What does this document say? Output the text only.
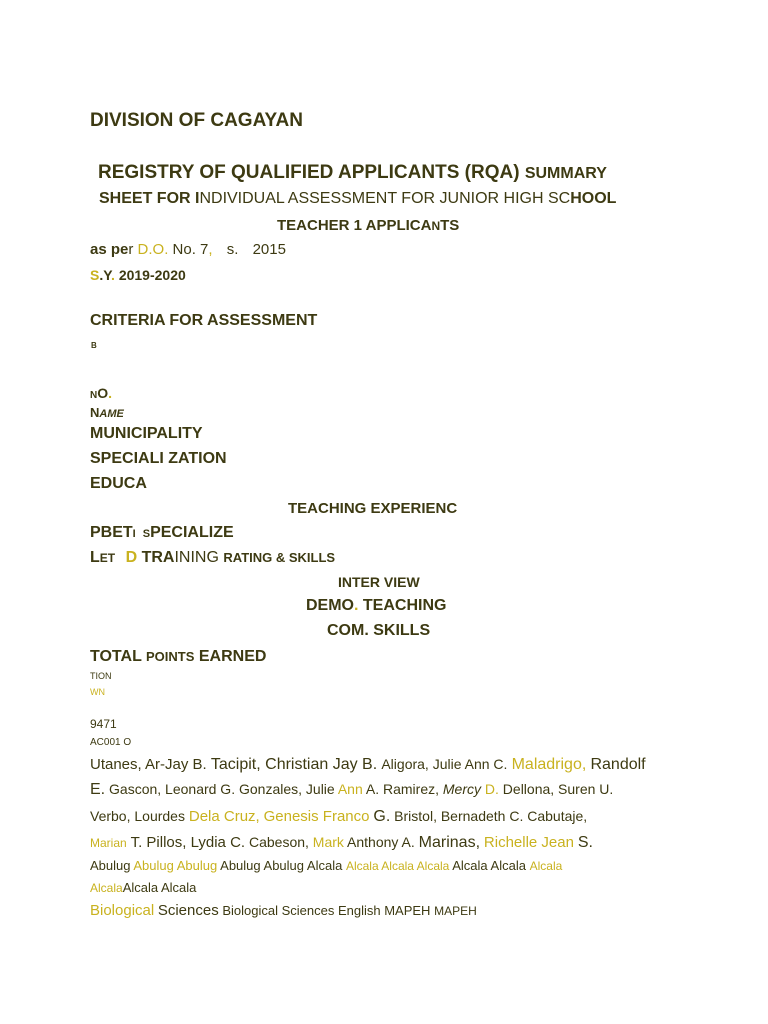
DIVISION OF CAGAYAN
REGISTRY OF QUALIFIED APPLICANTS (RQA) SUMMARY
SHEET FOR INDIVIDUAL ASSESSMENT FOR JUNIOR HIGH SCHOOL
TEACHER 1 APPLICANTS
as per D.O. No. 7, s. 2015
S.Y. 2019-2020
CRITERIA FOR ASSESSMENT
B
NO.
NAME
MUNICIPALITY
SPECIALI ZATION
EDUCA
TEACHING EXPERIENC
PBETI SPECIALIZE
LET D TRAINING RATING & SKILLS
INTER VIEW
DEMO. TEACHING
COM. SKILLS
TOTAL POINTS EARNED
TION
WN
9471
AC001 O
Utanes, Ar-Jay B. Tacipit, Christian Jay B. Aligora, Julie Ann C. Maladrigo, Randolf
E. Gascon, Leonard G. Gonzales, Julie Ann A. Ramirez, Mercy D. Dellona, Suren U.
Verbo, Lourdes Dela Cruz, Genesis Franco G. Bristol, Bernadeth C. Cabutaje,
Marian T. Pillos, Lydia C. Cabeson, Mark Anthony A. Marinas, Richelle Jean S.
Abulug Abulug Abulug Abulug Abulug Alcala Alcala Alcala Alcala Alcala Alcala Alcala
AlcalaAlcala Alcala
Biological Sciences Biological Sciences English MAPEH MAPEH
